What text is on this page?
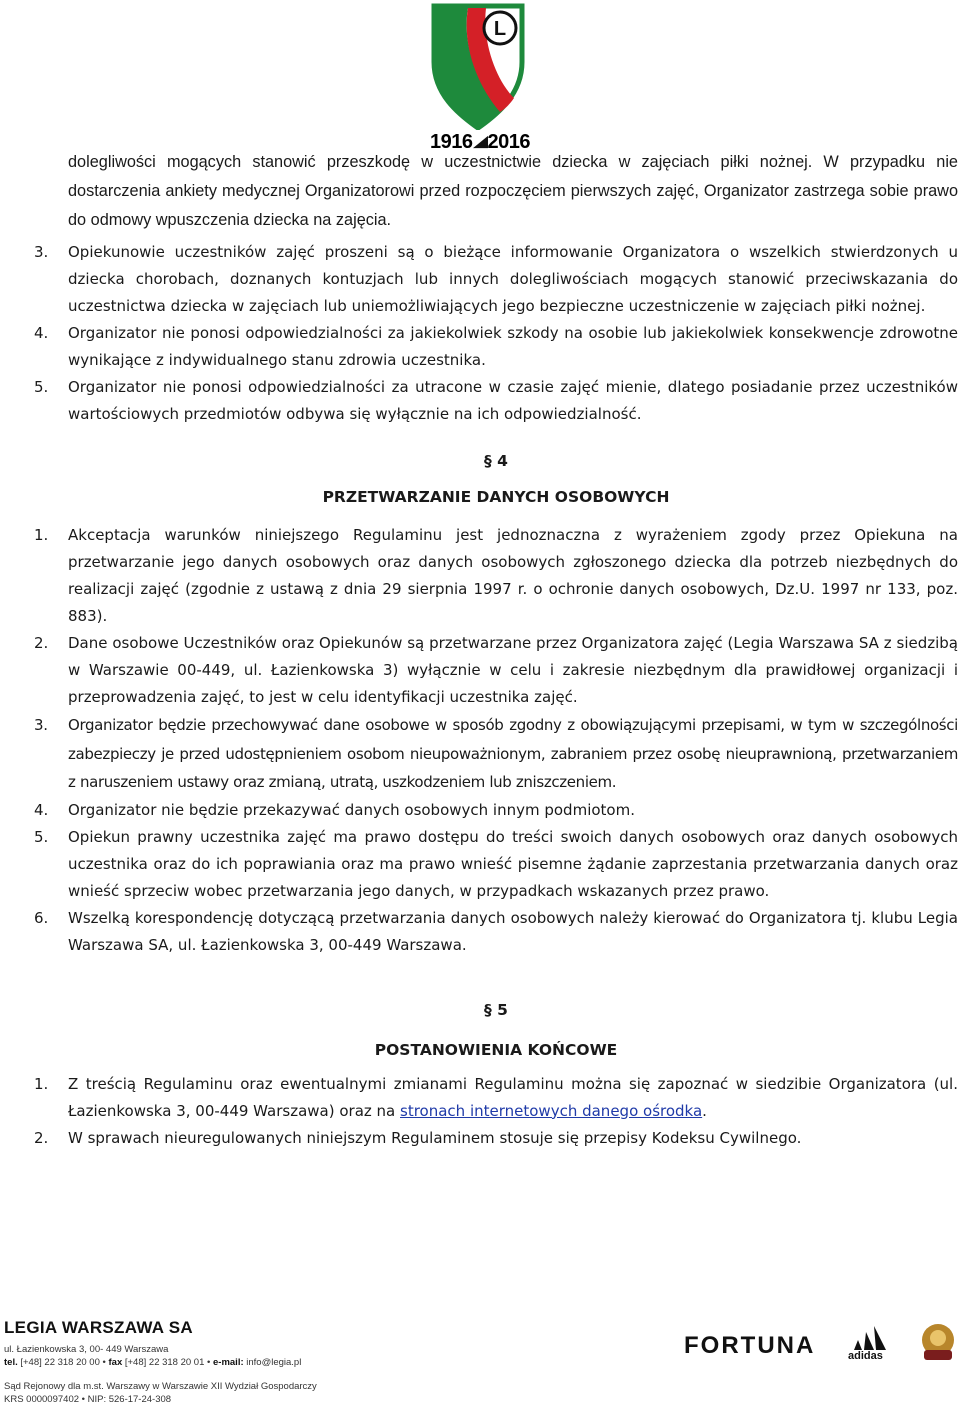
L
1916 2016
dolegliwości mogących stanowić przeszkodę w uczestnictwie dziecka w zajęciach piłki nożnej. W przypadku nie dostarczenia ankiety medycznej Organizatorowi przed rozpoczęciem pierwszych zajęć, Organizator zastrzega sobie prawo do odmowy wpuszczenia dziecka na zajęcia.
3. Opiekunowie uczestników zajęć proszeni są o bieżące informowanie Organizatora o wszelkich stwierdzonych u dziecka chorobach, doznanych kontuzjach lub innych dolegliwościach mogących stanowić przeciwskazania do uczestnictwa dziecka w zajęciach lub uniemożliwiających jego bezpieczne uczestniczenie w zajęciach piłki nożnej.
4. Organizator nie ponosi odpowiedzialności za jakiekolwiek szkody na osobie lub jakiekolwiek konsekwencje zdrowotne wynikające z indywidualnego stanu zdrowia uczestnika.
5. Organizator nie ponosi odpowiedzialności za utracone w czasie zajęć mienie, dlatego posiadanie przez uczestników wartościowych przedmiotów odbywa się wyłącznie na ich odpowiedzialność.
§ 4
PRZETWARZANIE DANYCH OSOBOWYCH
1. Akceptacja warunków niniejszego Regulaminu jest jednoznaczna z wyrażeniem zgody przez Opiekuna na przetwarzanie jego danych osobowych oraz danych osobowych zgłoszonego dziecka dla potrzeb niezbędnych do realizacji zajęć (zgodnie z ustawą z dnia 29 sierpnia 1997 r. o ochronie danych osobowych, Dz.U. 1997 nr 133, poz. 883).
2. Dane osobowe Uczestników oraz Opiekunów są przetwarzane przez Organizatora zajęć (Legia Warszawa SA z siedzibą w Warszawie 00-449, ul. Łazienkowska 3) wyłącznie w celu i zakresie niezbędnym dla prawidłowej organizacji i przeprowadzenia zajęć, to jest w celu identyfikacji uczestnika zajęć.
3. Organizator będzie przechowywać dane osobowe w sposób zgodny z obowiązującymi przepisami, w tym w szczególności zabezpieczy je przed udostępnieniem osobom nieupoważnionym, zabraniem przez osobę nieuprawnioną, przetwarzaniem z naruszeniem ustawy oraz zmianą, utratą, uszkodzeniem lub zniszczeniem.
4. Organizator nie będzie przekazywać danych osobowych innym podmiotom.
5. Opiekun prawny uczestnika zajęć ma prawo dostępu do treści swoich danych osobowych oraz danych osobowych uczestnika oraz do ich poprawiania oraz ma prawo wnieść pisemne żądanie zaprzestania przetwarzania danych oraz wnieść sprzeciw wobec przetwarzania jego danych, w przypadkach wskazanych przez prawo.
6. Wszelką korespondencję dotyczącą przetwarzania danych osobowych należy kierować do Organizatora tj. klubu Legia Warszawa SA, ul. Łazienkowska 3, 00-449 Warszawa.
§ 5
POSTANOWIENIA KOŃCOWE
1. Z treścią Regulaminu oraz ewentualnymi zmianami Regulaminu można się zapoznać w siedzibie Organizatora (ul. Łazienkowska 3, 00-449 Warszawa) oraz na stronach internetowych danego ośrodka.
2. W sprawach nieuregulowanych niniejszym Regulaminem stosuje się przepisy Kodeksu Cywilnego.
LEGIA WARSZAWA SA
ul. Łazienkowska 3, 00- 449 Warszawa
tel. [+48] 22 318 20 00 • fax [+48] 22 318 20 01 • e-mail: info@legia.pl
Sąd Rejonowy dla m.st. Warszawy w Warszawie XII Wydział Gospodarczy
KRS 0000097402 • NIP: 526-17-24-308
FORTUNA	adidas
